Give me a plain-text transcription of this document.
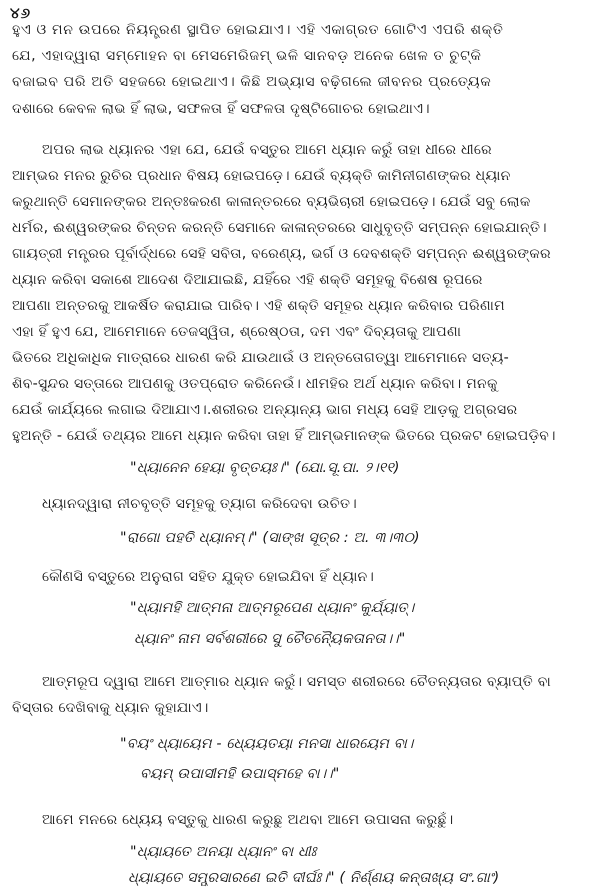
୪୬
ହୁଏ ଓ ମନ ଉପରେ ନିୟନ୍ତ୍ରଣ ସ୍ଥାପିତ ହୋଇଯାଏ। ଏହି ଏକାଗ୍ରତ ଗୋଟିଏ ଏପରି ଶକ୍ତି
ଯେ, ଏହାଦ୍ୱାରା ସମ୍ମୋହନ ବା ମେସମେରିଜମ୍ ଭଳି ସାନବଡ଼ ଅନେକ ଖେଳ ତ ଚୁଟ୍‌କି
ବଜାଇବ ପରି ଅତି ସହଜରେ ହୋଇଥାଏ। କିଛି ଅଭ୍ୟାସ ବଢ଼ିଗଲେ ଜୀବନର ପ୍ରତ୍ୟେକ
ଦଶାରେ କେବଳ ଲାଭ ହିଁ ଲାଭ, ସଫଳତା ହିଁ ସଫଳତା ଦୃଷ୍ଟିଗୋଚର ହୋଇଥାଏ।
ଅପର ଲାଭ ଧ୍ୟାନର ଏହା ଯେ, ଯେଉଁ ବସ୍ତୁର ଆମେ ଧ୍ୟାନ କରୁଁ ତାହା ଧୀରେ ଧୀରେ
ଆମ୍ଭର ମନର ରୁଚିର ପ୍ରଧାନ ବିଷୟ ହୋଇପଡ଼େ। ଯେଉଁ ବ୍ୟକ୍ତି କାମିନୀଗଣଙ୍କର ଧ୍ୟାନ
କରୁଥାନ୍ତି ସେମାନଙ୍କର ଅନ୍ତଃକରଣ କାଳାନ୍ତରରେ ବ୍ୟଭିଚାରୀ ହୋଇପଡ଼େ। ଯେଉଁ ସବୁ ଲୋକ
ଧର୍ମର, ଈଶ୍ୱରଙ୍କର ଚିନ୍ତନ କରନ୍ତି ସେମାନେ କାଳାନ୍ତରରେ ସାଧୁବୃତ୍ତି ସମ୍ପନ୍ନ ହୋଇଯାନ୍ତି।
ଗାୟତ୍ରୀ ମନ୍ତ୍ରର ପୂର୍ବାର୍ଦ୍ଧରେ ସେହି ସବିତା, ବରେଣ୍ୟ, ଭର୍ଗ ଓ ଦେବଶକ୍ତି ସମ୍ପନ୍ନ ଈଶ୍ୱରଙ୍କର
ଧ୍ୟାନ କରିବା ସକାଶେ ଆଦେଶ ଦିଆଯାଇଛି, ଯହିଁରେ ଏହି ଶକ୍ତି ସମୂହକୁ ବିଶେଷ ରୂପରେ
ଆପଣା ଅନ୍ତରକୁ ଆକର୍ଷିତ କରାଯାଇ ପାରିବ। ଏହି ଶକ୍ତି ସମୂହର ଧ୍ୟାନ କରିବାର ପରିଣାମ
ଏହା ହିଁ ହୁଏ ଯେ, ଆମେମାନେ ତେଜସ୍ୱିତା, ଶ୍ରେଷ୍ଠତା, ଦମ ଏବଂ ଦିବ୍ୟତାକୁ ଆପଣା
ଭିତରେ ଅଧିକାଧିକ ମାତ୍ରାରେ ଧାରଣ କରି ଯାଉଥାଉଁ ଓ ଅନ୍ତତୋଗତ୍ୱା ଆମେମାନେ ସତ୍ୟ-
ଶିବ-ସୁନ୍ଦର ସତ୍ତାରେ ଆପଣକୁ ଓତପ୍ରୋତ କରିନେଉଁ। ଧୀମହିର ଅର୍ଥ ଧ୍ୟାନ କରିବା। ମନକୁ
ଯେଉଁ କାର୍ଯ୍ୟରେ ଲଗାଇ ଦିଆଯାଏ।.ଶରୀରର ଅନ୍ୟାନ୍ୟ ଭାଗ ମଧ୍ୟ ସେହି ଆଡ଼କୁ ଅଗ୍ରସର
ହୁଅନ୍ତି - ଯେଉଁ ତଥ୍ୟର ଆମେ ଧ୍ୟାନ କରିବା ତାହା ହିଁ ଆମ୍ଭମାନଙ୍କ ଭିତରେ ପ୍ରକଟ ହୋଇପଡ଼ିବ।
"ଧ୍ୟାନେନ ହେୟା ବୃତ୍ତୟଃ।" (ଯୋ.ସୂ.ପା. ୨।୧୧)
ଧ୍ୟାନଦ୍ୱାରା ନୀଚବୃତ୍ତି ସମୂହକୁ ତ୍ୟାଗ କରିଦେବା ଉଚିତ।
"ରାଗୋ ପହତି ଧ୍ୟାନମ୍।" (ସାଙ୍ଖ ସୂତ୍ର : ଅ. ୩।୩୦)
କୌଣସି ବସ୍ତୁରେ ଅନୁରାଗ ସହିତ ଯୁକ୍ତ ହୋଇଯିବା ହିଁ ଧ୍ୟାନ।
"ଧ୍ୟାମହି ଆତ୍ମନା ଆତ୍ମରୂପେଣ ଧ୍ୟାନଂ କୁର୍ଯ୍ୟାତ୍।
ଧ୍ୟାନଂ ନାମ ସର୍ବଶରୀରେ ସୁ ଚୈତନ୍ୟୈକତାନତା।।"
ଆତ୍ମରୂପ ଦ୍ୱାରା ଆମେ ଆତ୍ମାର ଧ୍ୟାନ କରୁଁ। ସମସ୍ତ ଶରୀରରେ ଚୈତନ୍ୟତାର ବ୍ୟାପ୍ତି ବା
ବିସ୍ତାର ଦେଖିବାକୁ ଧ୍ୟାନ କୁହାଯାଏ।
"ବୟଂ ଧ୍ୟାୟେମ - ଧ୍ୟେୟତୟା ମନସା ଧାରୟେମ ବା।
ବୟମ୍ ଉପାସୀମହି ଉପାସ୍ମହେ ବା।।"
ଆମେ ମନରେ ଧ୍ୟେୟ ବସ୍ତୁକୁ ଧାରଣ କରୁଛୁ ଅଥବା ଆମେ ଉପାସନା କରୁଛୁଁ।
"ଧ୍ୟାୟତେ ଅନୟା ଧ୍ୟାନଂ ବା ଧୀଃ
ଧ୍ୟାୟତେ ସମ୍ପ୍ରସାରଣେ ଇତି ଦୀର୍ଘଃ।" ( ନିର୍ଣ୍ଣୟ କନ୍ତାଖ୍ୟ ସଂ.ଗାଂ)
